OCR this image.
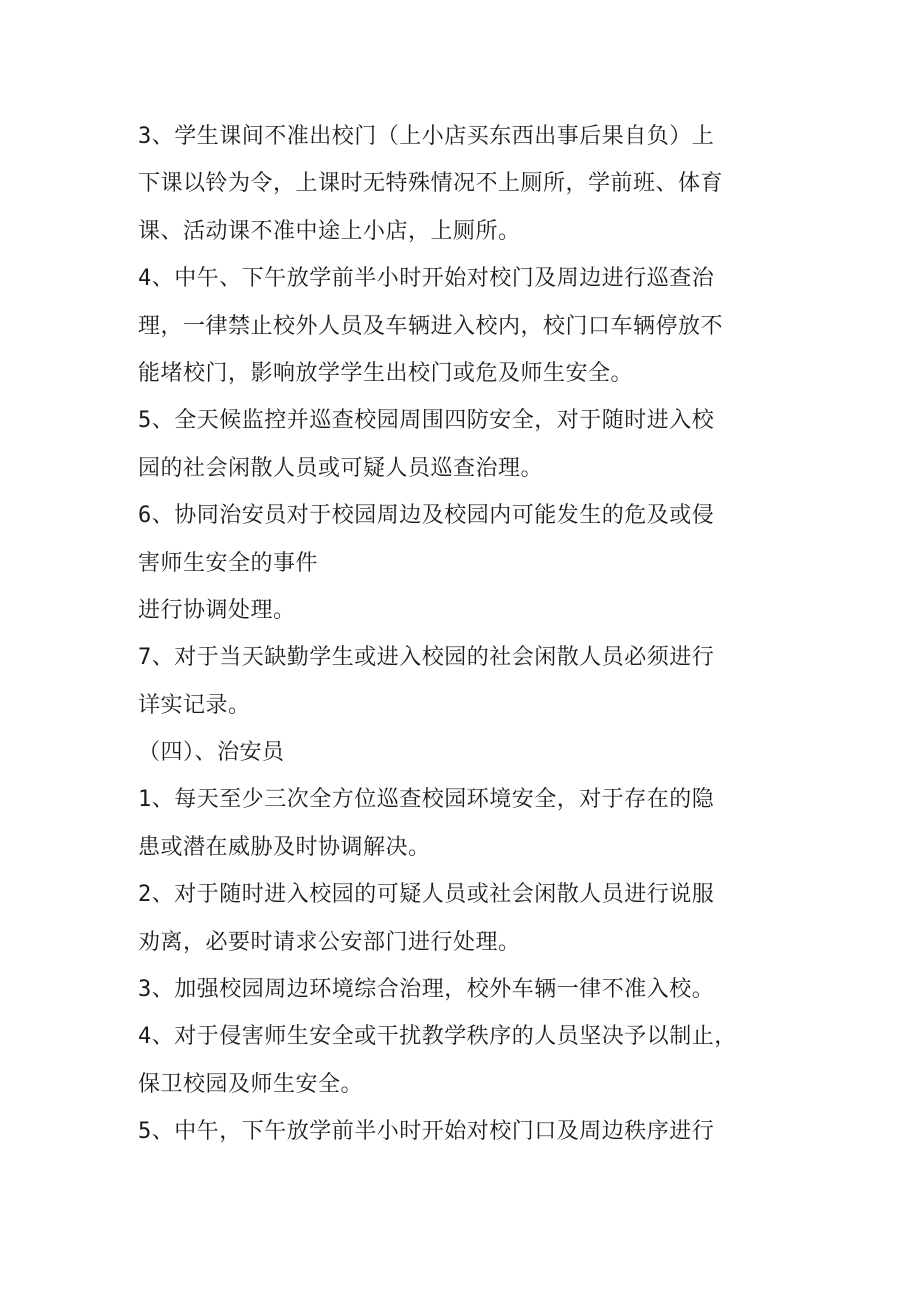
3、学生课间不准出校门（上小店买东西出事后果自负）上
下课以铃为令，上课时无特殊情况不上厕所，学前班、体育
课、活动课不准中途上小店，上厕所。
4、中午、下午放学前半小时开始对校门及周边进行巡查治
理，一律禁止校外人员及车辆进入校内，校门口车辆停放不
能堵校门，影响放学学生出校门或危及师生安全。
5、全天候监控并巡查校园周围四防安全，对于随时进入校
园的社会闲散人员或可疑人员巡查治理。
6、协同治安员对于校园周边及校园内可能发生的危及或侵
害师生安全的事件
进行协调处理。
7、对于当天缺勤学生或进入校园的社会闲散人员必须进行
详实记录。
（四）、治安员
1、每天至少三次全方位巡查校园环境安全，对于存在的隐
患或潜在威胁及时协调解决。
2、对于随时进入校园的可疑人员或社会闲散人员进行说服
劝离，必要时请求公安部门进行处理。
3、加强校园周边环境综合治理，校外车辆一律不准入校。
4、对于侵害师生安全或干扰教学秩序的人员坚决予以制止，
保卫校园及师生安全。
5、中午，下午放学前半小时开始对校门口及周边秩序进行
